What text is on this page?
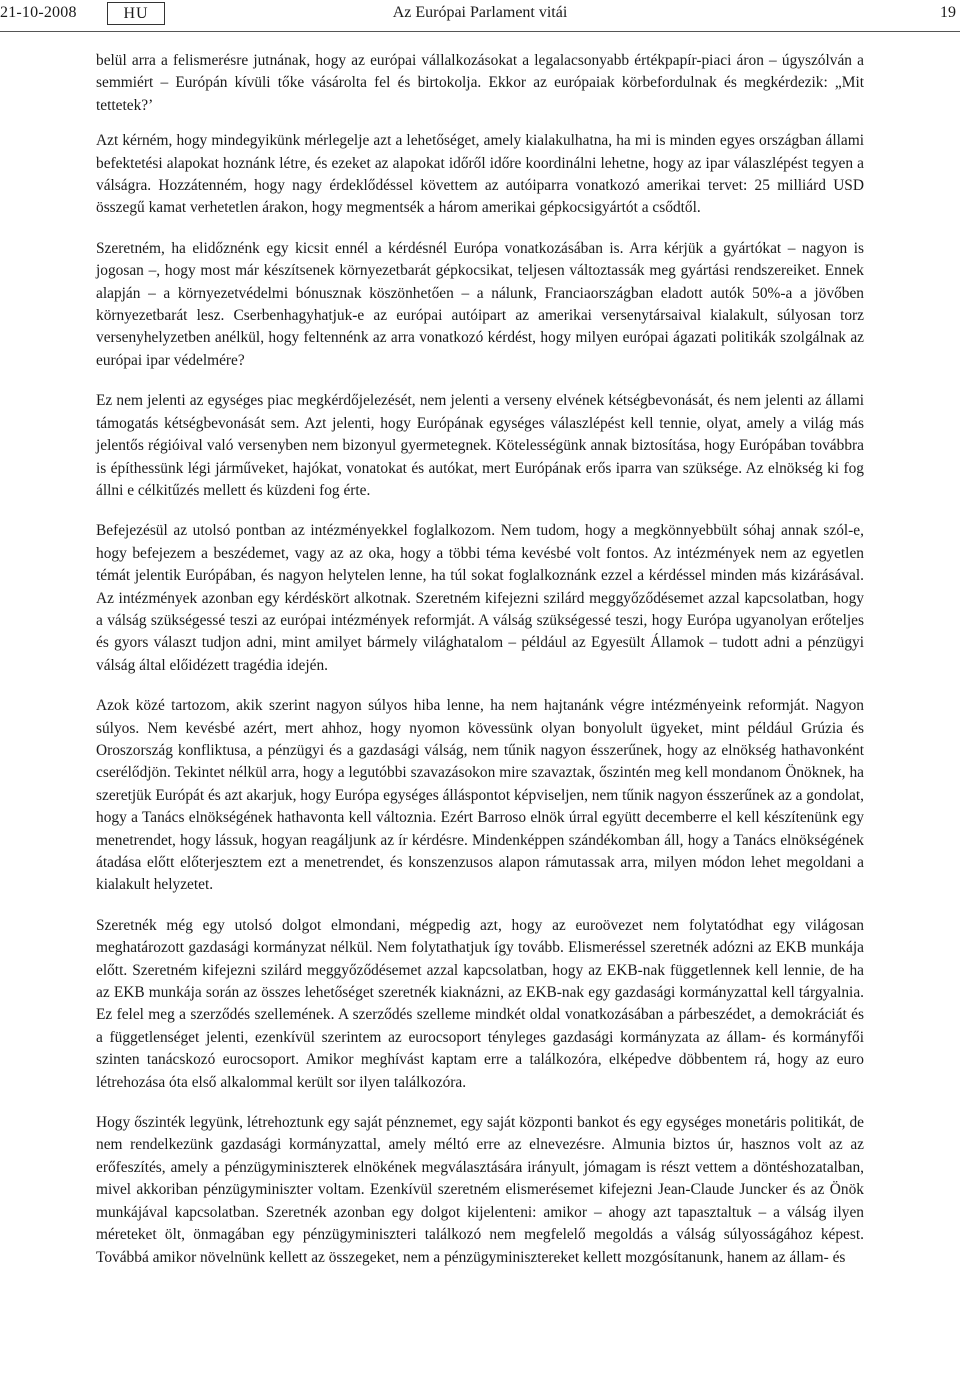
21-10-2008	HU	Az Európai Parlament vitái	19

belül arra a felismerésre jutnának, hogy az európai vállalkozásokat a legalacsonyabb értékpapír-piaci áron – úgyszólván a semmiért – Európán kívüli tőke vásárolta fel és birtokolja. Ekkor az európaiak körbefordulnak és megkérdezik: „Mit tettetek?’

Azt kérném, hogy mindegyikünk mérlegelje azt a lehetőséget, amely kialakulhatna, ha mi is minden egyes országban állami befektetési alapokat hoznánk létre, és ezeket az alapokat időről időre koordinálni lehetne, hogy az ipar válaszlépést tegyen a válságra. Hozzátenném, hogy nagy érdeklődéssel követtem az autóiparra vonatkozó amerikai tervet: 25 milliárd USD összegű kamat verhetetlen árakon, hogy megmentsék a három amerikai gépkocsigyártót a csődtől.

Szeretném, ha elidőznénk egy kicsit ennél a kérdésnél Európa vonatkozásában is. Arra kérjük a gyártókat – nagyon is jogosan –, hogy most már készítsenek környezetbarát gépkocsikat, teljesen változtassák meg gyártási rendszereiket. Ennek alapján – a környezetvédelmi bónusznak köszönhetően – a nálunk, Franciaországban eladott autók 50%-a a jövőben környezetbarát lesz. Cserbenhagyhatjuk-e az európai autóipart az amerikai versenytársaival kialakult, súlyosan torz versenyhelyzetben anélkül, hogy feltennénk az arra vonatkozó kérdést, hogy milyen európai ágazati politikák szolgálnak az európai ipar védelmére?

Ez nem jelenti az egységes piac megkérdőjelezését, nem jelenti a verseny elvének kétségbevonását, és nem jelenti az állami támogatás kétségbevonását sem. Azt jelenti, hogy Európának egységes válaszlépést kell tennie, olyat, amely a világ más jelentős régióival való versenyben nem bizonyul gyermetegnek. Kötelességünk annak biztosítása, hogy Európában továbbra is építhessünk légi járműveket, hajókat, vonatokat és autókat, mert Európának erős iparra van szüksége. Az elnökség ki fog állni e célkitűzés mellett és küzdeni fog érte.

Befejezésül az utolsó pontban az intézményekkel foglalkozom. Nem tudom, hogy a megkönnyebbült sóhaj annak szól-e, hogy befejezem a beszédemet, vagy az az oka, hogy a többi téma kevésbé volt fontos. Az intézmények nem az egyetlen témát jelentik Európában, és nagyon helytelen lenne, ha túl sokat foglalkoznánk ezzel a kérdéssel minden más kizárásával. Az intézmények azonban egy kérdéskört alkotnak. Szeretném kifejezni szilárd meggyőződésemet azzal kapcsolatban, hogy a válság szükségessé teszi az európai intézmények reformját. A válság szükségessé teszi, hogy Európa ugyanolyan erőteljes és gyors választ tudjon adni, mint amilyet bármely világhatalom – például az Egyesült Államok – tudott adni a pénzügyi válság által előidézett tragédia idején.

Azok közé tartozom, akik szerint nagyon súlyos hiba lenne, ha nem hajtanánk végre intézményeink reformját. Nagyon súlyos. Nem kevésbé azért, mert ahhoz, hogy nyomon kövessünk olyan bonyolult ügyeket, mint például Grúzia és Oroszország konfliktusa, a pénzügyi és a gazdasági válság, nem tűnik nagyon ésszerűnek, hogy az elnökség hathavonként cserélődjön. Tekintet nélkül arra, hogy a legutóbbi szavazásokon mire szavaztak, őszintén meg kell mondanom Önöknek, ha szeretjük Európát és azt akarjuk, hogy Európa egységes álláspontot képviseljen, nem tűnik nagyon ésszerűnek az a gondolat, hogy a Tanács elnökségének hathavonta kell változnia. Ezért Barroso elnök úrral együtt decemberre el kell készítenünk egy menetrendet, hogy lássuk, hogyan reagáljunk az ír kérdésre. Mindenképpen szándékomban áll, hogy a Tanács elnökségének átadása előtt előterjesztem ezt a menetrendet, és konszenzusos alapon rámutassak arra, milyen módon lehet megoldani a kialakult helyzetet.

Szeretnék még egy utolsó dolgot elmondani, mégpedig azt, hogy az euroövezet nem folytatódhat egy világosan meghatározott gazdasági kormányzat nélkül. Nem folytathatjuk így tovább. Elismeréssel szeretnék adózni az EKB munkája előtt. Szeretném kifejezni szilárd meggyőződésemet azzal kapcsolatban, hogy az EKB-nak függetlennek kell lennie, de ha az EKB munkája során az összes lehetőséget szeretnék kiaknázni, az EKB-nak egy gazdasági kormányzattal kell tárgyalnia. Ez felel meg a szerződés szellemének. A szerződés szelleme mindkét oldal vonatkozásában a párbeszédet, a demokráciát és a függetlenséget jelenti, ezenkívül szerintem az eurocsoport tényleges gazdasági kormányzata az állam- és kormányfői szinten tanácskozó eurocsoport. Amikor meghívást kaptam erre a találkozóra, elképedve döbbentem rá, hogy az euro létrehozása óta első alkalommal került sor ilyen találkozóra.

Hogy őszinték legyünk, létrehoztunk egy saját pénznemet, egy saját központi bankot és egy egységes monetáris politikát, de nem rendelkezünk gazdasági kormányzattal, amely méltó erre az elnevezésre. Almunia biztos úr, hasznos volt az az erőfeszítés, amely a pénzügyminiszterek elnökének megválasztására irányult, jómagam is részt vettem a döntéshozatalban, mivel akkoriban pénzügyminiszter voltam. Ezenkívül szeretném elismerésemet kifejezni Jean-Claude Juncker és az Önök munkájával kapcsolatban. Szeretnék azonban egy dolgot kijelenteni: amikor – ahogy azt tapasztaltuk – a válság ilyen méreteket ölt, önmagában egy pénzügyminiszteri találkozó nem megfelelő megoldás a válság súlyosságához képest. Továbbá amikor növelnünk kellett az összegeket, nem a pénzügyminisztereket kellett mozgósítanunk, hanem az állam- és
